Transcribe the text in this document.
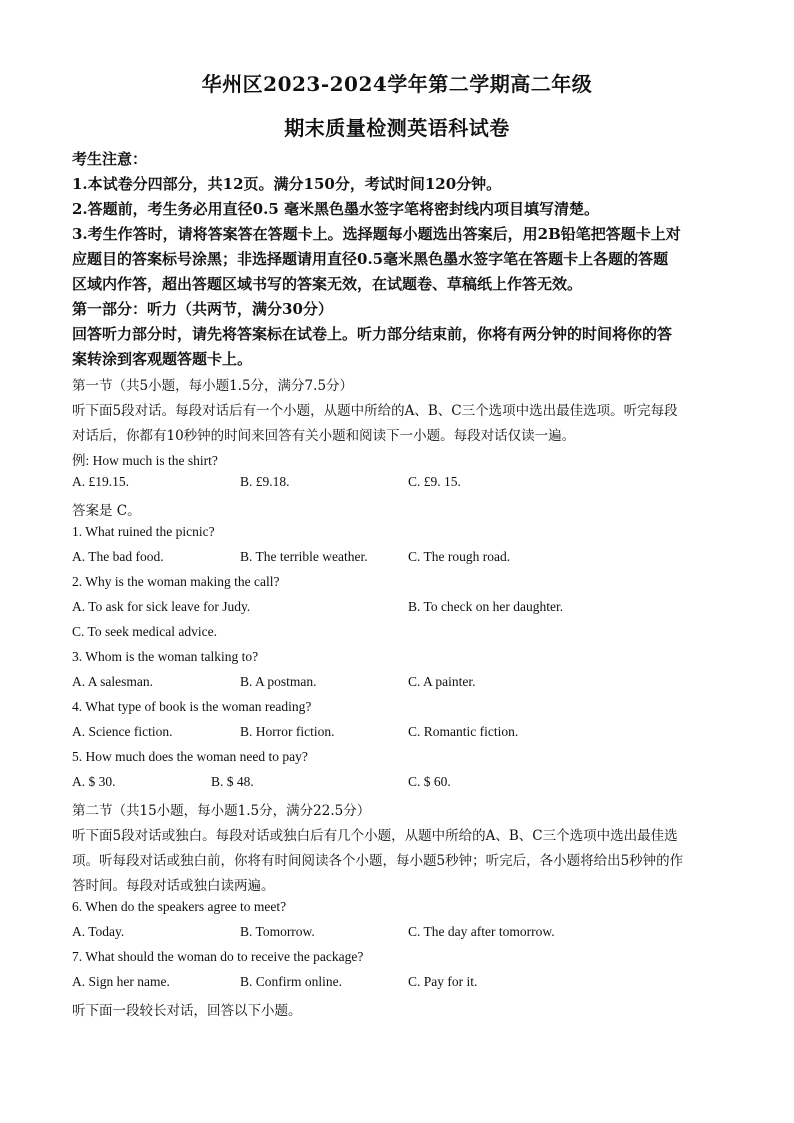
华州区2023-2024学年第二学期高二年级
期末质量检测英语科试卷
考生注意：
1.本试卷分四部分，共12页。满分150分，考试时间120分钟。
2.答题前，考生务必用直径0.5 毫米黑色墨水签字笔将密封线内项目填写清楚。
3.考生作答时，请将答案答在答题卡上。选择题每小题选出答案后，用2B铅笔把答题卡上对
应题目的答案标号涂黑；非选择题请用直径0.5毫米黑色墨水签字笔在答题卡上各题的答题
区域内作答，超出答题区域书写的答案无效，在试题卷、草稿纸上作答无效。
第一部分：听力（共两节，满分30分）
回答听力部分时，请先将答案标在试卷上。听力部分结束前，你将有两分钟的时间将你的答
案转涂到客观题答题卡上。
第一节（共5小题，每小题1.5分，满分7.5分）
听下面5段对话。每段对话后有一个小题，从题中所给的A、B、C三个选项中选出最佳选项。听完每段
对话后，你都有10秒钟的时间来回答有关小题和阅读下一小题。每段对话仅读一遍。
例: How much is the shirt?
A. £19.15.	B. £9.18.	C. £9. 15.
答案是 C。
1. What ruined the picnic?
A. The bad food.	B. The terrible weather.	C. The rough road.
2. Why is the woman making the call?
A. To ask for sick leave for Judy.	B. To check on her daughter.
C. To seek medical advice.
3. Whom is the woman talking to?
A. A salesman.	B. A postman.	C. A painter.
4. What type of book is the woman reading?
A. Science fiction.	B. Horror fiction.	C. Romantic fiction.
5. How much does the woman need to pay?
A. $ 30.	B. $ 48.	C. $ 60.
第二节（共15小题，每小题1.5分，满分22.5分）
听下面5段对话或独白。每段对话或独白后有几个小题，从题中所给的A、B、C三个选项中选出最佳选
项。听每段对话或独白前，你将有时间阅读各个小题，每小题5秒钟；听完后，各小题将给出5秒钟的作
答时间。每段对话或独白读两遍。
6. When do the speakers agree to meet?
A. Today.	B. Tomorrow.	C. The day after tomorrow.
7. What should the woman do to receive the package?
A. Sign her name.	B. Confirm online.	C. Pay for it.
听下面一段较长对话，回答以下小题。
